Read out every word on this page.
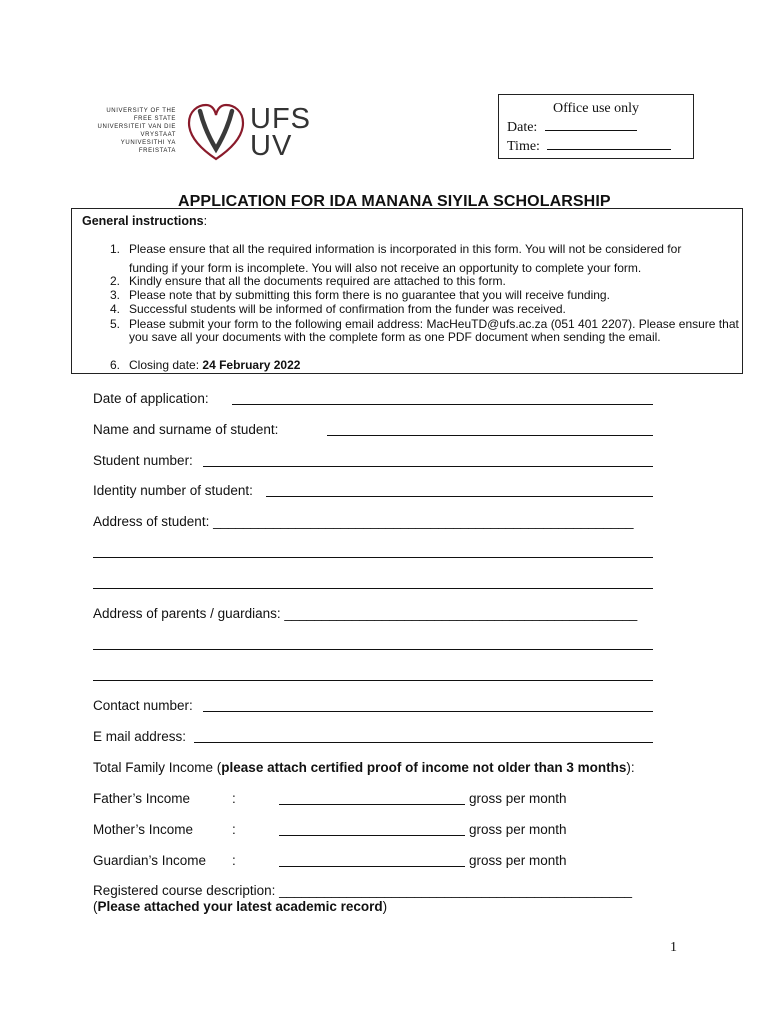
UNIVERSITY OF THE
FREE STATE
UNIVERSITEIT VAN DIE
VRYSTAAT
YUNIVESITHI YA
FREISTATA
UFS
UV
Office use only
Date:
Time:
APPLICATION FOR IDA MANANA SIYILA SCHOLARSHIP
General instructions:
1. Please ensure that all the required information is incorporated in this form. You will not be considered for
funding if your form is incomplete. You will also not receive an opportunity to complete your form.
2. Kindly ensure that all the documents required are attached to this form.
3. Please note that by submitting this form there is no guarantee that you will receive funding.
4. Successful students will be informed of confirmation from the funder was received.
5. Please submit your form to the following email address: MacHeuTD@ufs.ac.za (051 401 2207). Please ensure that you save all your documents with the complete form as one PDF document when sending the email.
6. Closing date: 24 February 2022
Date of application:
Name and surname of student:
Student number:
Identity number of student:
Address of student: ________________________________________________________
Address of parents / guardians: _______________________________________________
Contact number:
E mail address:
Total Family Income (please attach certified proof of income not older than 3 months):
Father’s Income	:	gross per month
Mother’s Income	:	gross per month
Guardian’s Income :	gross per month
Registered course description: _______________________________________________
(Please attached your latest academic record)
1
